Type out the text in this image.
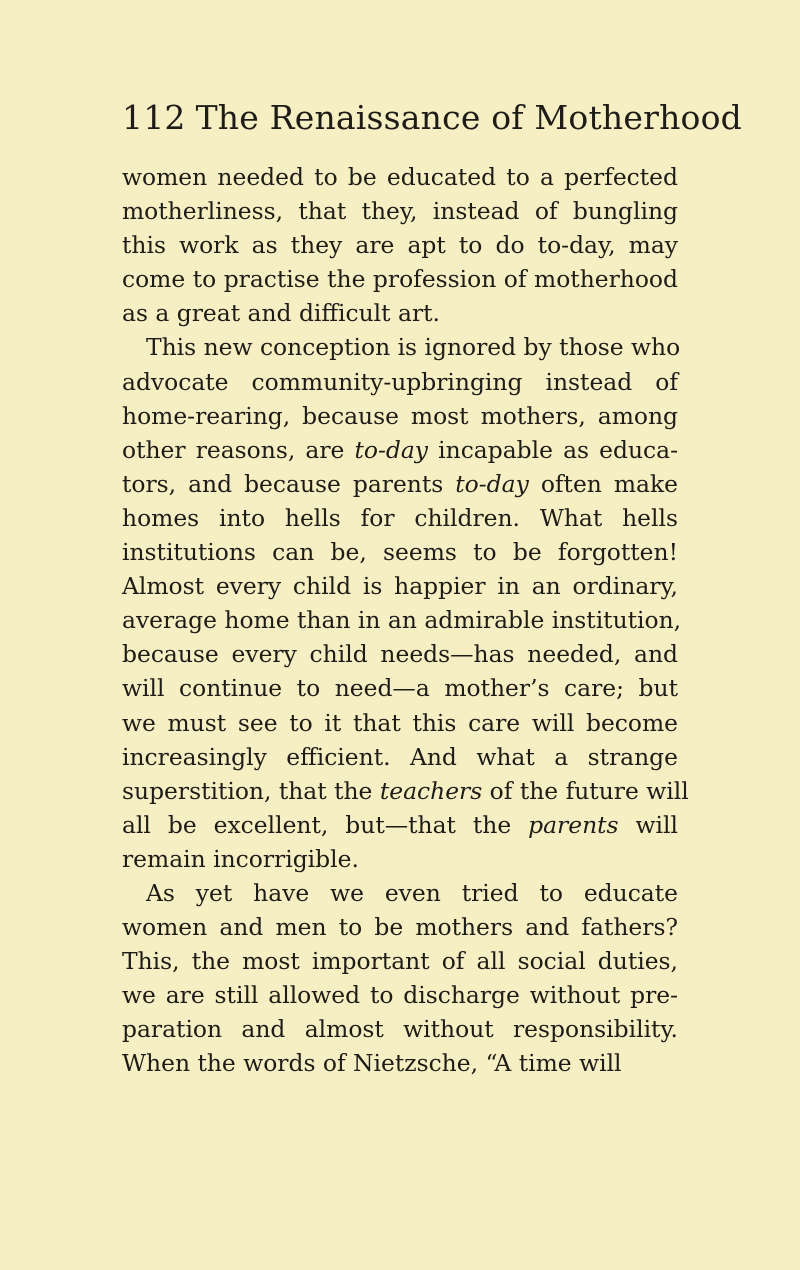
112 The Renaissance of Motherhood
women needed to be educated to a perfected
motherliness, that they, instead of bungling
this work as they are apt to do to-day, may
come to practise the profession of motherhood
as a great and difficult art.
This new conception is ignored by those who
advocate community-upbringing instead of
home-rearing, because most mothers, among
other reasons, are to-day incapable as educa-
tors, and because parents to-day often make
homes into hells for children. What hells
institutions can be, seems to be forgotten!
Almost every child is happier in an ordinary,
average home than in an admirable institution,
because every child needs—has needed, and
will continue to need—a mother’s care; but
we must see to it that this care will become
increasingly efficient. And what a strange
superstition, that the teachers of the future will
all be excellent, but—that the parents will
remain incorrigible.
As yet have we even tried to educate
women and men to be mothers and fathers?
This, the most important of all social duties,
we are still allowed to discharge without pre-
paration and almost without responsibility.
When the words of Nietzsche, “A time will
